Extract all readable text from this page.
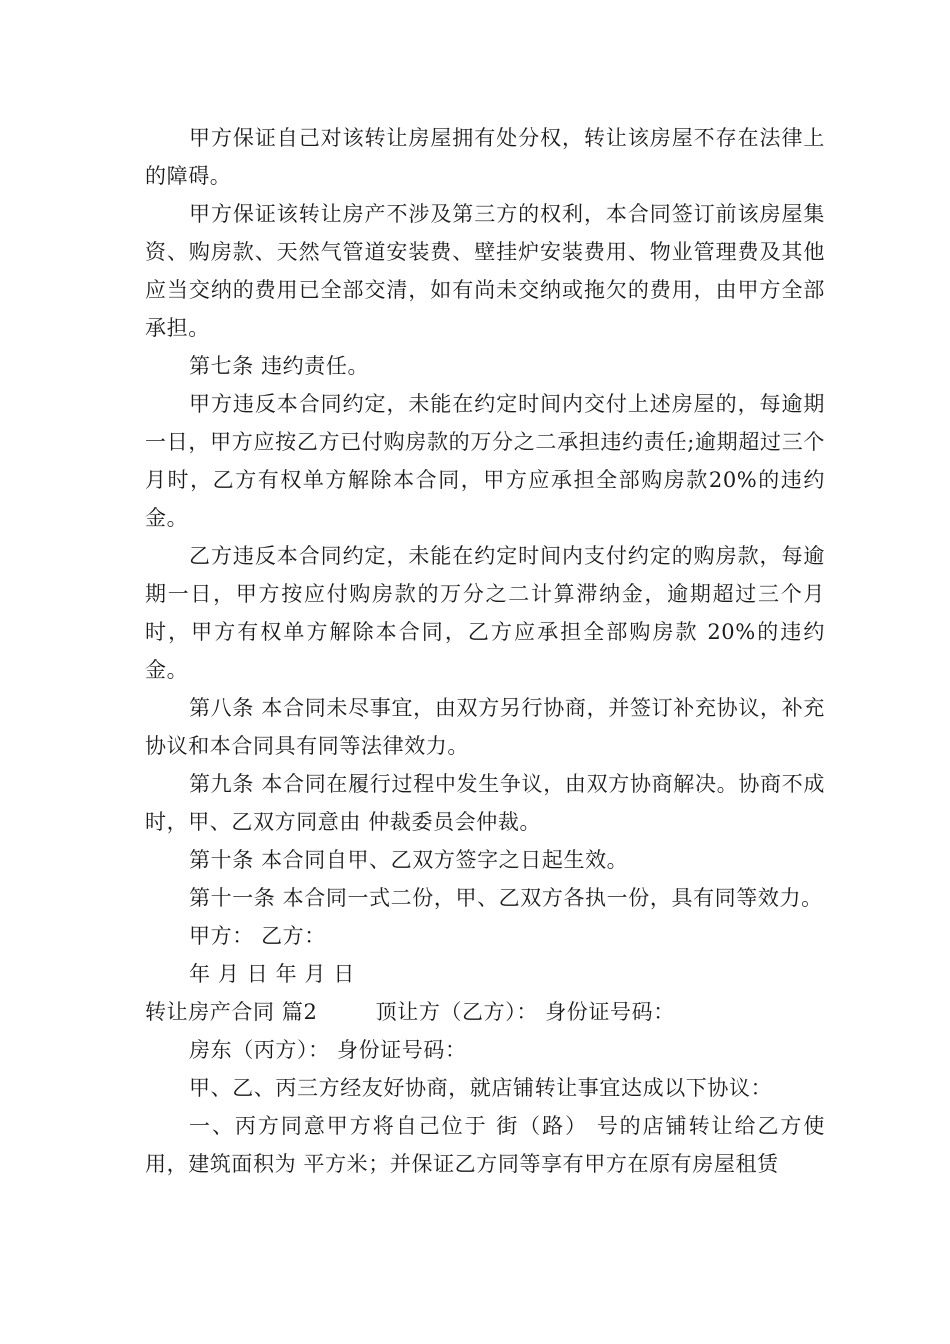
甲方保证自己对该转让房屋拥有处分权，转让该房屋不存在法律上的障碍。

甲方保证该转让房产不涉及第三方的权利，本合同签订前该房屋集资、购房款、天然气管道安装费、壁挂炉安装费用、物业管理费及其他应当交纳的费用已全部交清，如有尚未交纳或拖欠的费用，由甲方全部承担。

第七条 违约责任。

甲方违反本合同约定，未能在约定时间内交付上述房屋的，每逾期一日，甲方应按乙方已付购房款的万分之二承担违约责任;逾期超过三个月时，乙方有权单方解除本合同，甲方应承担全部购房款20%的违约金。

乙方违反本合同约定，未能在约定时间内支付约定的购房款，每逾期一日，甲方按应付购房款的万分之二计算滞纳金，逾期超过三个月时，甲方有权单方解除本合同，乙方应承担全部购房款 20%的违约金。

第八条 本合同未尽事宜，由双方另行协商，并签订补充协议，补充协议和本合同具有同等法律效力。

第九条 本合同在履行过程中发生争议，由双方协商解决。协商不成时，甲、乙双方同意由 仲裁委员会仲裁。

第十条 本合同自甲、乙双方签字之日起生效。

第十一条 本合同一式二份，甲、乙双方各执一份，具有同等效力。

甲方： 乙方：

年 月 日 年 月 日

转让房产合同 篇2        顶让方（乙方）： 身份证号码：

房东（丙方）： 身份证号码：

甲、乙、丙三方经友好协商，就店铺转让事宜达成以下协议：

一、丙方同意甲方将自己位于 街（路） 号的店铺转让给乙方使用，建筑面积为 平方米；并保证乙方同等享有甲方在原有房屋租赁
